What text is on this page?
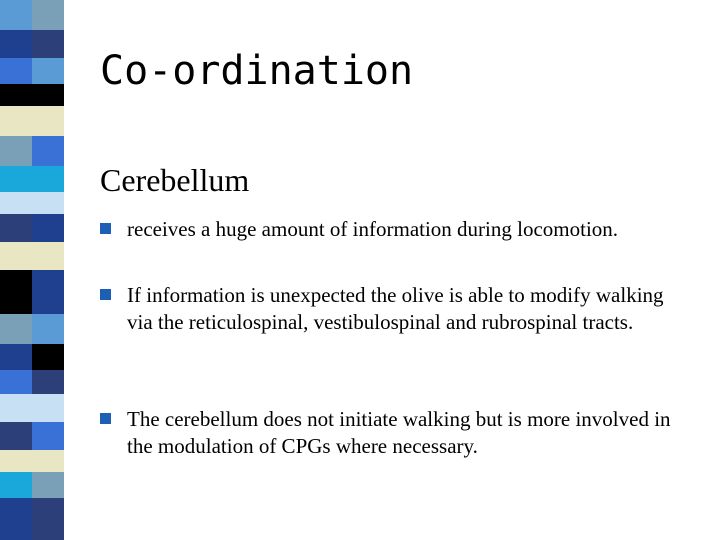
Co-ordination
Cerebellum
receives a huge amount of information during locomotion.
If information is unexpected the olive is able to modify walking via the reticulospinal, vestibulospinal and rubrospinal tracts.
The cerebellum does not initiate walking but is more involved in the modulation of CPGs where necessary.
